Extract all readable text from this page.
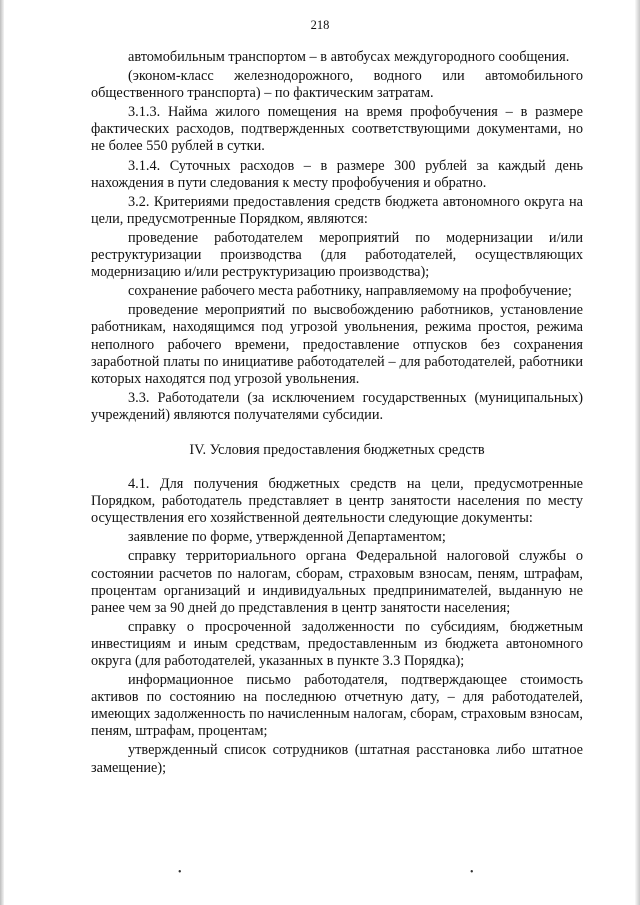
218

автомобильным транспортом – в автобусах междугородного сообщения.

(эконом-класс железнодорожного, водного или автомобильного общественного транспорта) – по фактическим затратам.

3.1.3. Найма жилого помещения на время профобучения – в размере фактических расходов, подтвержденных соответствующими документами, но не более 550 рублей в сутки.

3.1.4. Суточных расходов – в размере 300 рублей за каждый день нахождения в пути следования к месту профобучения и обратно.

3.2. Критериями предоставления средств бюджета автономного округа на цели, предусмотренные Порядком, являются:

проведение работодателем мероприятий по модернизации и/или реструктуризации производства (для работодателей, осуществляющих модернизацию и/или реструктуризацию производства);

сохранение рабочего места работнику, направляемому на профобучение;

проведение мероприятий по высвобождению работников, установление работникам, находящимся под угрозой увольнения, режима простоя, режима неполного рабочего времени, предоставление отпусков без сохранения заработной платы по инициативе работодателей – для работодателей, работники которых находятся под угрозой увольнения.

3.3. Работодатели (за исключением государственных (муниципальных) учреждений) являются получателями субсидии.

IV. Условия предоставления бюджетных средств

4.1. Для получения бюджетных средств на цели, предусмотренные Порядком, работодатель представляет в центр занятости населения по месту осуществления его хозяйственной деятельности следующие документы:

заявление по форме, утвержденной Департаментом;

справку территориального органа Федеральной налоговой службы о состоянии расчетов по налогам, сборам, страховым взносам, пеням, штрафам, процентам организаций и индивидуальных предпринимателей, выданную не ранее чем за 90 дней до представления в центр занятости населения;

справку о просроченной задолженности по субсидиям, бюджетным инвестициям и иным средствам, предоставленным из бюджета автономного округа (для работодателей, указанных в пункте 3.3 Порядка);

информационное письмо работодателя, подтверждающее стоимость активов по состоянию на последнюю отчетную дату, – для работодателей, имеющих задолженность по начисленным налогам, сборам, страховым взносам, пеням, штрафам, процентам;

утвержденный список сотрудников (штатная расстановка либо штатное замещение);

•	•
